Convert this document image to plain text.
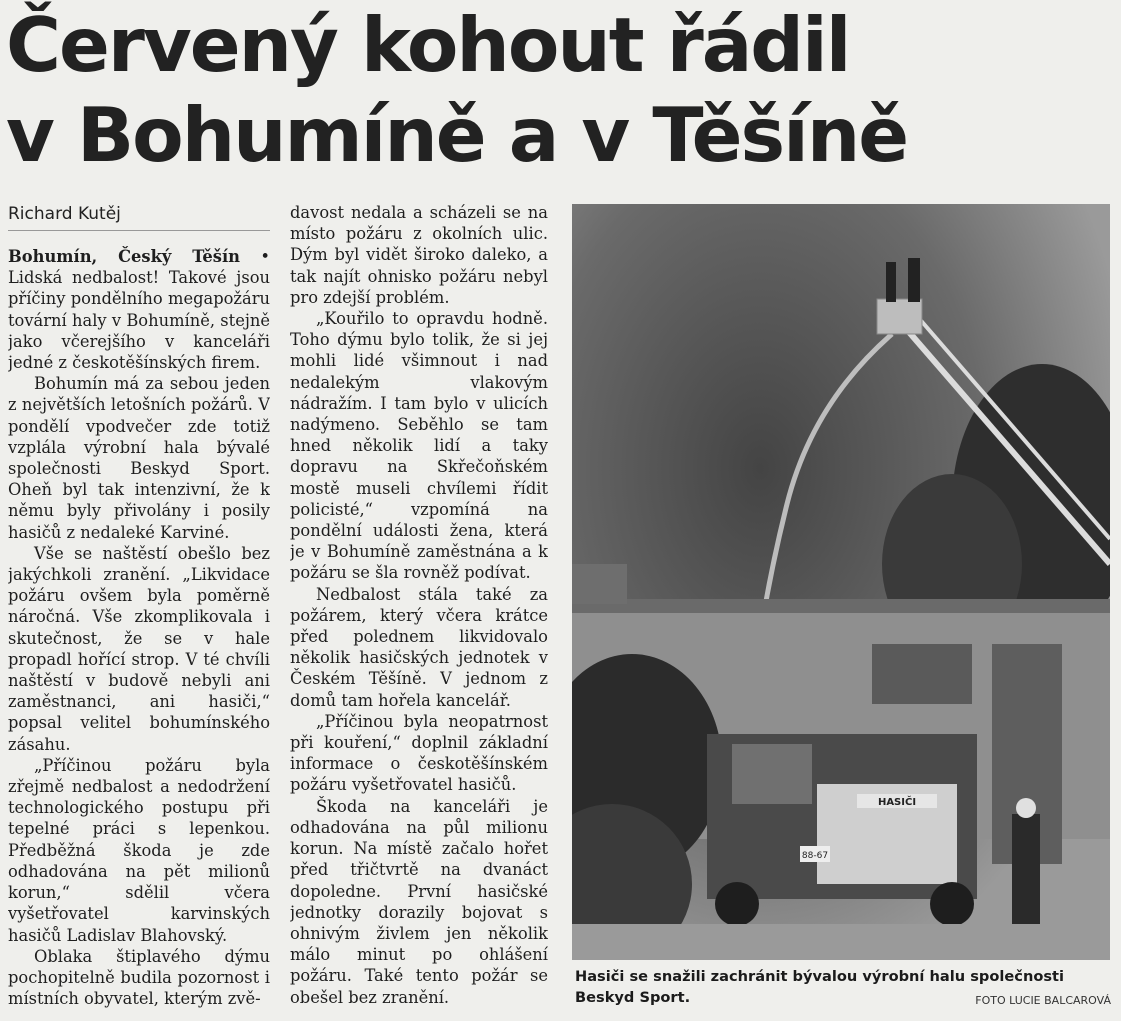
Červený kohout řádil
v Bohumíně a v Těšíně
Richard Kutěj

Bohumín, Český Těšín • Lidská nedbalost! Takové jsou příčiny pondělního megapožáru tovární haly v Bohumíně, stejně jako včerejšího v kanceláři jedné z českotěšínských firem.

Bohumín má za sebou jeden z největších letošních požárů. V pondělí vpodvečer zde totiž vzplála výrobní hala bývalé společnosti Beskyd Sport. Oheň byl tak intenzivní, že k němu byly přivolány i posily hasičů z nedaleké Karviné.

Vše se naštěstí obešlo bez jakýchkoli zranění. „Likvidace požáru ovšem byla poměrně náročná. Vše zkomplikovala i skutečnost, že se v hale propadl hořící strop. V té chvíli naštěstí v budově nebyli ani zaměstnanci, ani hasiči,“ popsal velitel bohumínského zásahu.

„Příčinou požáru byla zřejmě nedbalost a nedodržení technologického postupu při tepelné práci s lepenkou. Předběžná škoda je zde odhadována na pět milionů korun,“ sdělil včera vyšetřovatel karvinských hasičů Ladislav Blahovský.

Oblaka štiplavého dýmu pochopitelně budila pozornost i místních obyvatel, kterým zvě-

davost nedala a scházeli se na místo požáru z okolních ulic. Dým byl vidět široko daleko, a tak najít ohnisko požáru nebyl pro zdejší problém.

„Kouřilo to opravdu hodně. Toho dýmu bylo tolik, že si jej mohli lidé všimnout i nad nedalekým vlakovým nádražím. I tam bylo v ulicích nadýmeno. Seběhlo se tam hned několik lidí a taky dopravu na Skřečoňském mostě museli chvílemi řídit policisté,“ vzpomíná na pondělní události žena, která je v Bohumíně zaměstnána a k požáru se šla rovněž podívat.

Nedbalost stála také za požárem, který včera krátce před polednem likvidovalo několik hasičských jednotek v Českém Těšíně. V jednom z domů tam hořela kancelář.

„Příčinou byla neopatrnost při kouření,“ doplnil základní informace o českotěšínském požáru vyšetřovatel hasičů.

Škoda na kanceláři je odhadována na půl milionu korun. Na místě začalo hořet před třičtvrtě na dvanáct dopoledne. První hasičské jednotky dorazily bojovat s ohnivým živlem jen několik málo minut po ohlášení požáru. Také tento požár se obešel bez zranění.

HASIČI
88-67
Hasiči se snažili zachránit bývalou výrobní halu společnosti Beskyd Sport.	FOTO LUCIE BALCAROVÁ
